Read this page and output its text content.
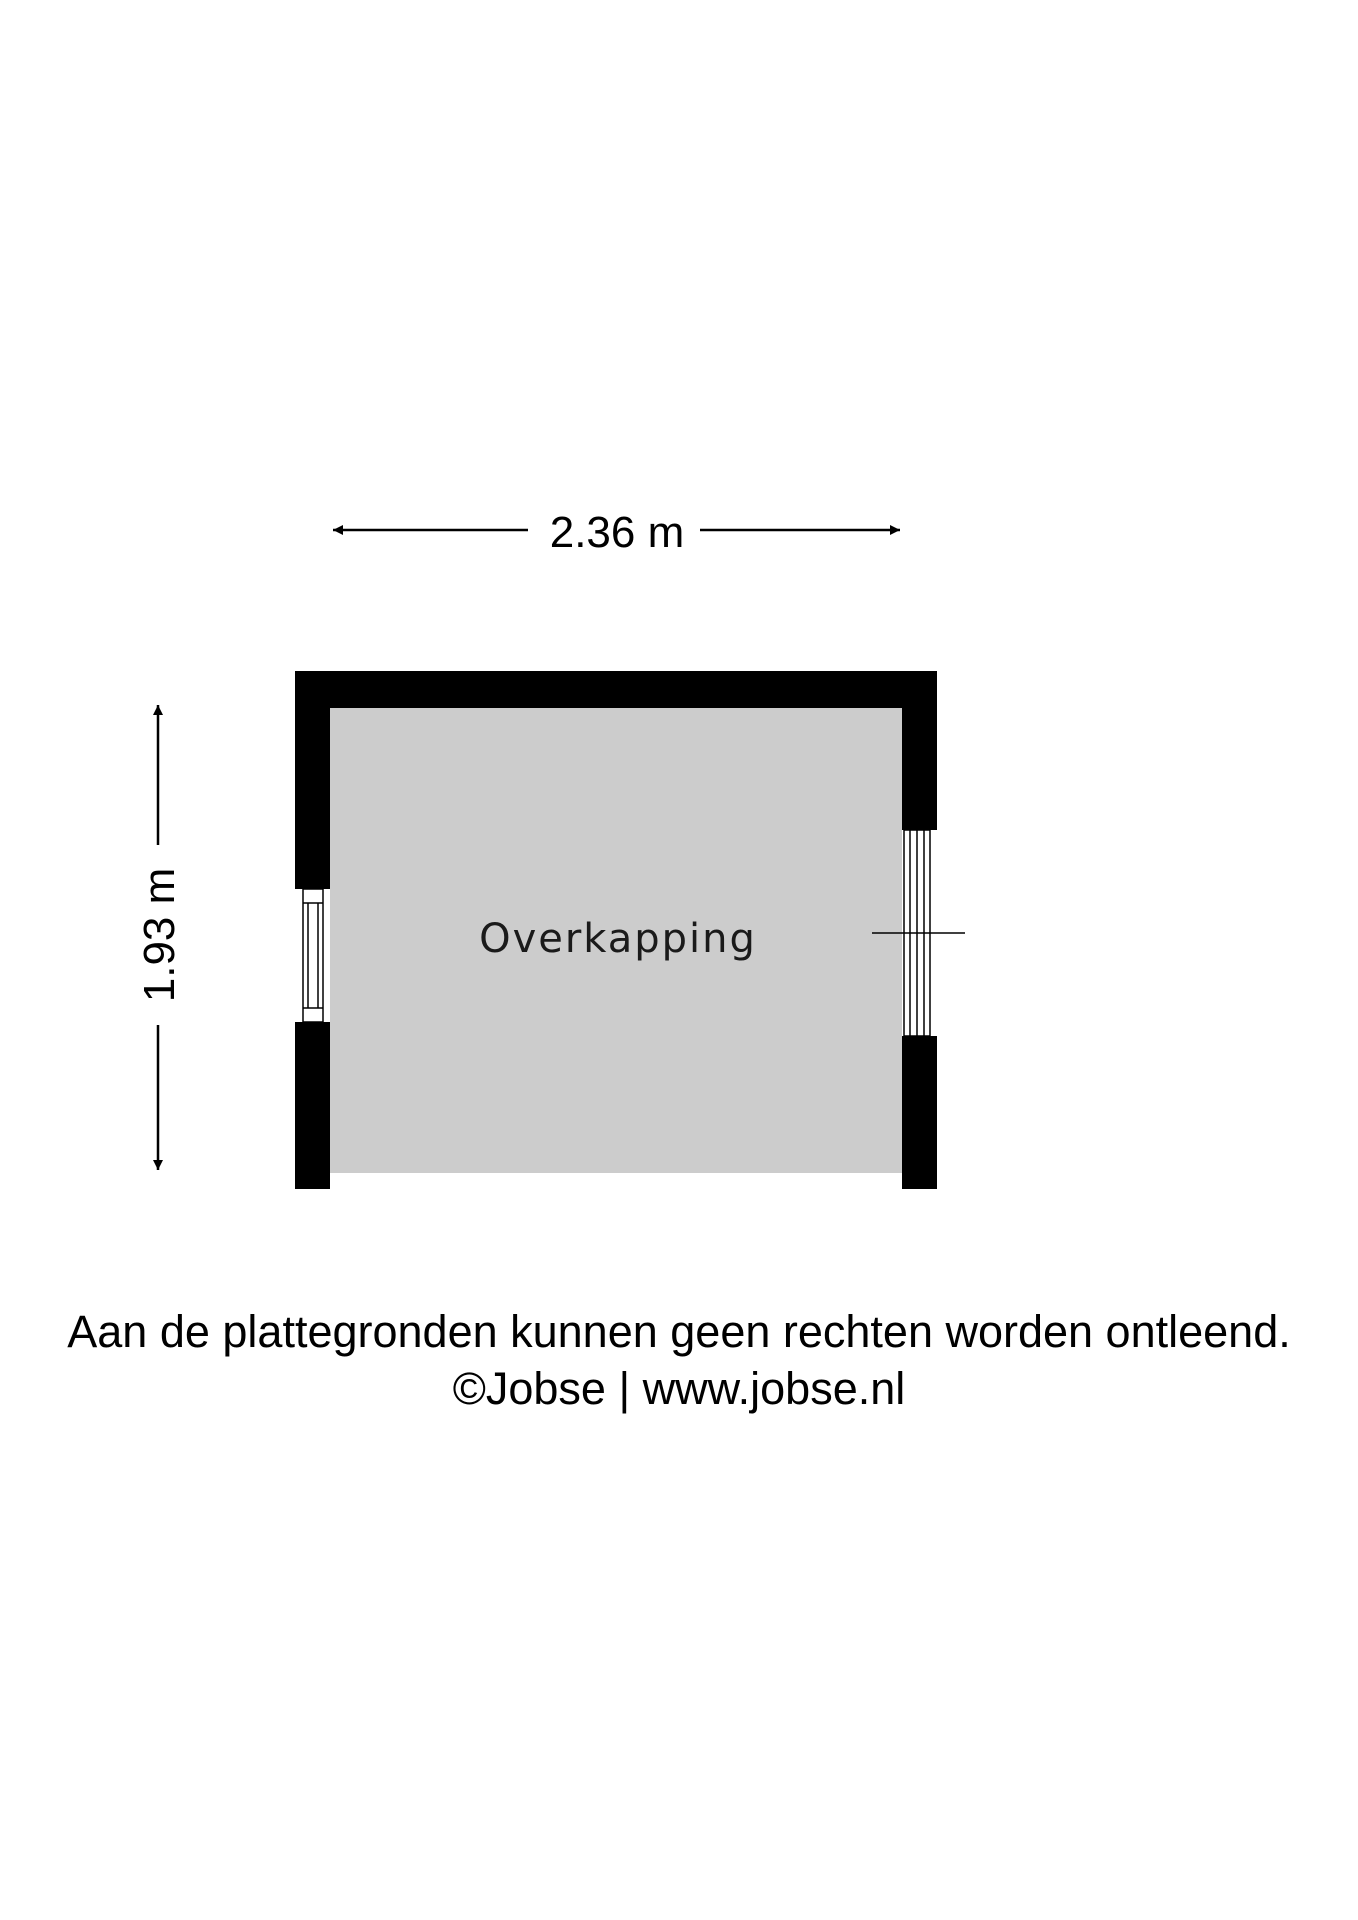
Overkapping
2.36 m
1.93 m
Aan de plattegronden kunnen geen rechten worden ontleend.
©Jobse | www.jobse.nl
